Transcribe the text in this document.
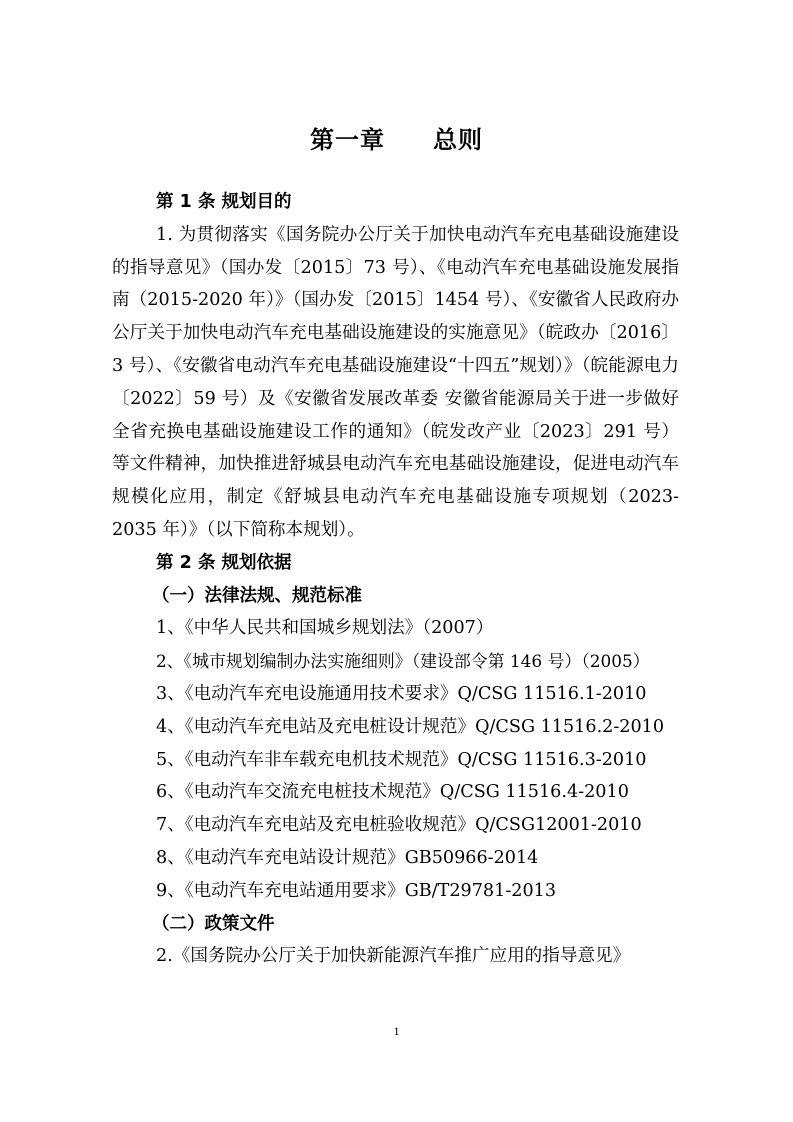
第一章 总则
第 1 条 规划目的
1. 为贯彻落实《国务院办公厅关于加快电动汽车充电基础设施建设的指导意见》（国办发〔2015〕73 号）、《电动汽车充电基础设施发展指南（2015-2020 年）》（国办发〔2015〕1454 号）、《安徽省人民政府办公厅关于加快电动汽车充电基础设施建设的实施意见》（皖政办〔2016〕3 号）、《安徽省电动汽车充电基础设施建设“十四五”规划）》（皖能源电力〔2022〕59 号）及《安徽省发展改革委 安徽省能源局关于进一步做好全省充换电基础设施建设工作的通知》（皖发改产业〔2023〕291 号）等文件精神，加快推进舒城县电动汽车充电基础设施建设，促进电动汽车规模化应用，制定《舒城县电动汽车充电基础设施专项规划（2023-2035 年）》（以下简称本规划）。
第 2 条 规划依据
（一）法律法规、规范标准
1、《中华人民共和国城乡规划法》（2007）
2、《城市规划编制办法实施细则》（建设部令第 146 号）（2005）
3、《电动汽车充电设施通用技术要求》Q/CSG 11516.1-2010
4、《电动汽车充电站及充电桩设计规范》Q/CSG 11516.2-2010
5、《电动汽车非车载充电机技术规范》Q/CSG 11516.3-2010
6、《电动汽车交流充电桩技术规范》Q/CSG 11516.4-2010
7、《电动汽车充电站及充电桩验收规范》Q/CSG12001-2010
8、《电动汽车充电站设计规范》GB50966-2014
9、《电动汽车充电站通用要求》GB/T29781-2013
（二）政策文件
2.《国务院办公厅关于加快新能源汽车推广应用的指导意见》
1
